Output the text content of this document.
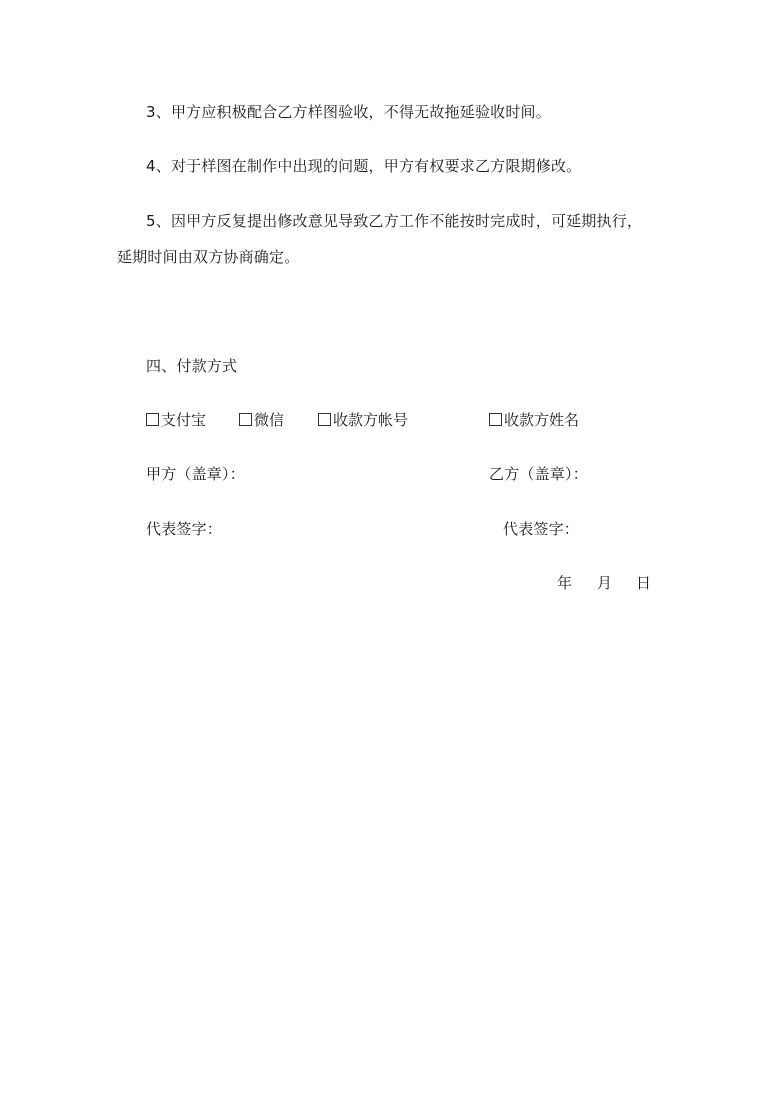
3、甲方应积极配合乙方样图验收，不得无故拖延验收时间。
4、对于样图在制作中出现的问题，甲方有权要求乙方限期修改。
5、因甲方反复提出修改意见导致乙方工作不能按时完成时，可延期执行，
延期时间由双方协商确定。
四、付款方式
支付宝	微信	收款方帐号	收款方姓名
甲方（盖章）：	乙方（盖章）：
代表签字：	代表签字：
年 月 日
